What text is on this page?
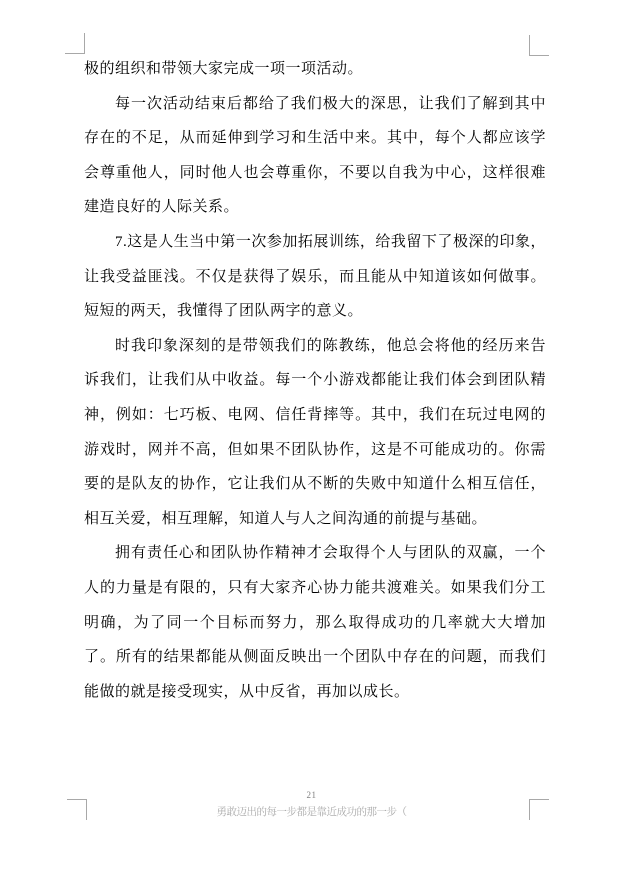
极的组织和带领大家完成一项一项活动。

每一次活动结束后都给了我们极大的深思，让我们了解到其中存在的不足，从而延伸到学习和生活中来。其中，每个人都应该学会尊重他人，同时他人也会尊重你，不要以自我为中心，这样很难建造良好的人际关系。

7.这是人生当中第一次参加拓展训练，给我留下了极深的印象，让我受益匪浅。不仅是获得了娱乐，而且能从中知道该如何做事。短短的两天，我懂得了团队两字的意义。

时我印象深刻的是带领我们的陈教练，他总会将他的经历来告诉我们，让我们从中收益。每一个小游戏都能让我们体会到团队精神，例如：七巧板、电网、信任背摔等。其中，我们在玩过电网的游戏时，网并不高，但如果不团队协作，这是不可能成功的。你需要的是队友的协作，它让我们从不断的失败中知道什么相互信任，相互关爱，相互理解，知道人与人之间沟通的前提与基础。

拥有责任心和团队协作精神才会取得个人与团队的双赢，一个人的力量是有限的，只有大家齐心协力能共渡难关。如果我们分工明确，为了同一个目标而努力，那么取得成功的几率就大大增加了。所有的结果都能从侧面反映出一个团队中存在的问题，而我们能做的就是接受现实，从中反省，再加以成长。

21
勇敢迈出的每一步都是靠近成功的那一步（
